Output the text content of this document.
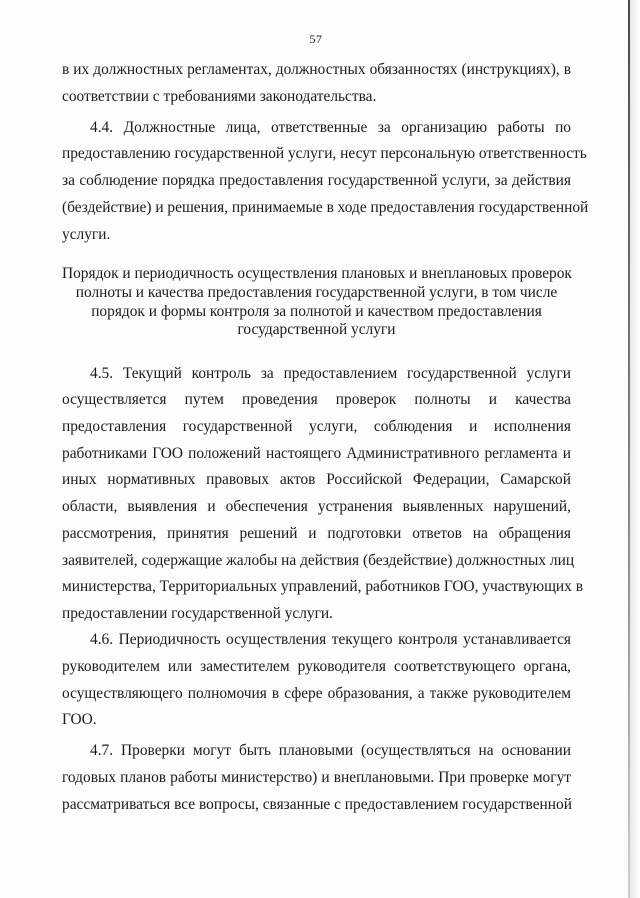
57
в их должностных регламентах, должностных обязанностях (инструкциях), в
соответствии с требованиями законодательства.
4.4. Должностные лица, ответственные за организацию работы по
предоставлению государственной услуги, несут персональную ответственность
за соблюдение порядка предоставления государственной услуги, за действия
(бездействие) и решения, принимаемые в ходе предоставления государственной
услуги.
Порядок и периодичность осуществления плановых и внеплановых проверок
полноты и качества предоставления государственной услуги, в том числе
порядок и формы контроля за полнотой и качеством предоставления
государственной услуги
4.5. Текущий контроль за предоставлением государственной услуги
осуществляется путем проведения проверок полноты и качества
предоставления государственной услуги, соблюдения и исполнения
работниками ГОО положений настоящего Административного регламента и
иных нормативных правовых актов Российской Федерации, Самарской
области, выявления и обеспечения устранения выявленных нарушений,
рассмотрения, принятия решений и подготовки ответов на обращения
заявителей, содержащие жалобы на действия (бездействие) должностных лиц
министерства, Территориальных управлений, работников ГОО, участвующих в
предоставлении государственной услуги.
4.6. Периодичность осуществления текущего контроля устанавливается
руководителем или заместителем руководителя соответствующего органа,
осуществляющего полномочия в сфере образования, а также руководителем
ГОО.
4.7. Проверки могут быть плановыми (осуществляться на основании
годовых планов работы министерство) и внеплановыми. При проверке могут
рассматриваться все вопросы, связанные с предоставлением государственной
